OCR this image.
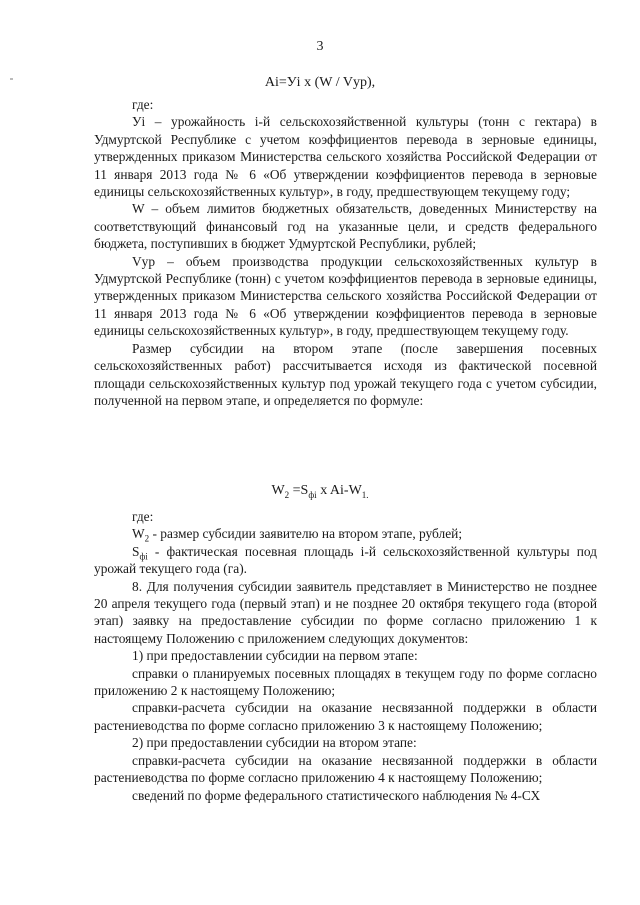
3
Ai=Уi x (W / Vур),

где:

Уi – урожайность i-й сельскохозяйственной культуры (тонн с гектара) в Удмуртской Республике с учетом коэффициентов перевода в зерновые единицы, утвержденных приказом Министерства сельского хозяйства Российской Федерации от 11 января 2013 года № 6 «Об утверждении коэффициентов перевода в зерновые единицы сельскохозяйственных культур», в году, предшествующем текущему году;

W – объем лимитов бюджетных обязательств, доведенных Министерству на соответствующий финансовый год на указанные цели, и средств федерального бюджета, поступивших в бюджет Удмуртской Республики, рублей;

Vур – объем производства продукции сельскохозяйственных культур в Удмуртской Республике (тонн) с учетом коэффициентов перевода в зерновые единицы, утвержденных приказом Министерства сельского хозяйства Российской Федерации от 11 января 2013 года № 6 «Об утверждении коэффициентов перевода в зерновые единицы сельскохозяйственных культур», в году, предшествующем текущему году.

Размер субсидии на втором этапе (после завершения посевных сельскохозяйственных работ) рассчитывается исходя из фактической посевной площади сельскохозяйственных культур под урожай текущего года с учетом субсидии, полученной на первом этапе, и определяется по формуле:

$W_2 =S_{фi}$ x $Ai-W_{1.}$

где:

$W_2$ - размер субсидии заявителю на втором этапе, рублей;

$S_{фi}$ - фактическая посевная площадь i-й сельскохозяйственной культуры под урожай текущего года (га).

8. Для получения субсидии заявитель представляет в Министерство не позднее 20 апреля текущего года (первый этап) и не позднее 20 октября текущего года (второй этап) заявку на предоставление субсидии по форме согласно приложению 1 к настоящему Положению с приложением следующих документов:

1) при предоставлении субсидии на первом этапе:

справки о планируемых посевных площадях в текущем году по форме согласно приложению 2 к настоящему Положению;

справки-расчета субсидии на оказание несвязанной поддержки в области растениеводства по форме согласно приложению 3 к настоящему Положению;

2) при предоставлении субсидии на втором этапе:

справки-расчета субсидии на оказание несвязанной поддержки в области растениеводства по форме согласно приложению 4 к настоящему Положению;

сведений по форме федерального статистического наблюдения № 4-СХ
